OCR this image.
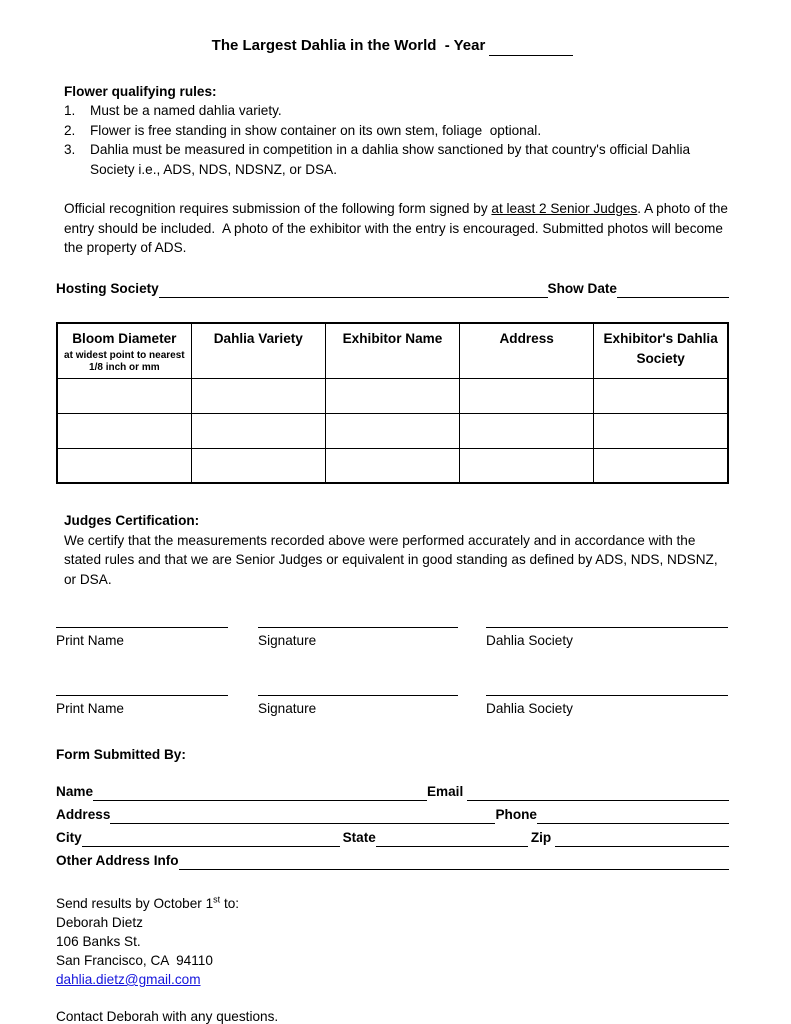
The Largest Dahlia in the World  - Year
Flower qualifying rules:
1.	Must be a named dahlia variety.
2.	Flower is free standing in show container on its own stem, foliage  optional.
3.	Dahlia must be measured in competition in a dahlia show sanctioned by that country's official Dahlia Society i.e., ADS, NDS, NDSNZ, or DSA.

Official recognition requires submission of the following form signed by at least 2 Senior Judges. A photo of the entry should be included.  A photo of the exhibitor with the entry is encouraged. Submitted photos will become the property of ADS.

Hosting Society	Show Date
Bloom Diameter
at widest point to nearest
1/8 inch or mm	Dahlia Variety	Exhibitor Name	Address	Exhibitor's Dahlia Society

Judges Certification:
We certify that the measurements recorded above were performed accurately and in accordance with the stated rules and that we are Senior Judges or equivalent in good standing as defined by ADS, NDS, NDSNZ, or DSA.
Print Name	Signature	Dahlia Society
Print Name	Signature	Dahlia Society
Form Submitted By:
Name	Email
Address	Phone
City	State	Zip
Other Address Info
Send results by October 1st to:
Deborah Dietz
106 Banks St.
San Francisco, CA  94110
dahlia.dietz@gmail.com
Contact Deborah with any questions.
